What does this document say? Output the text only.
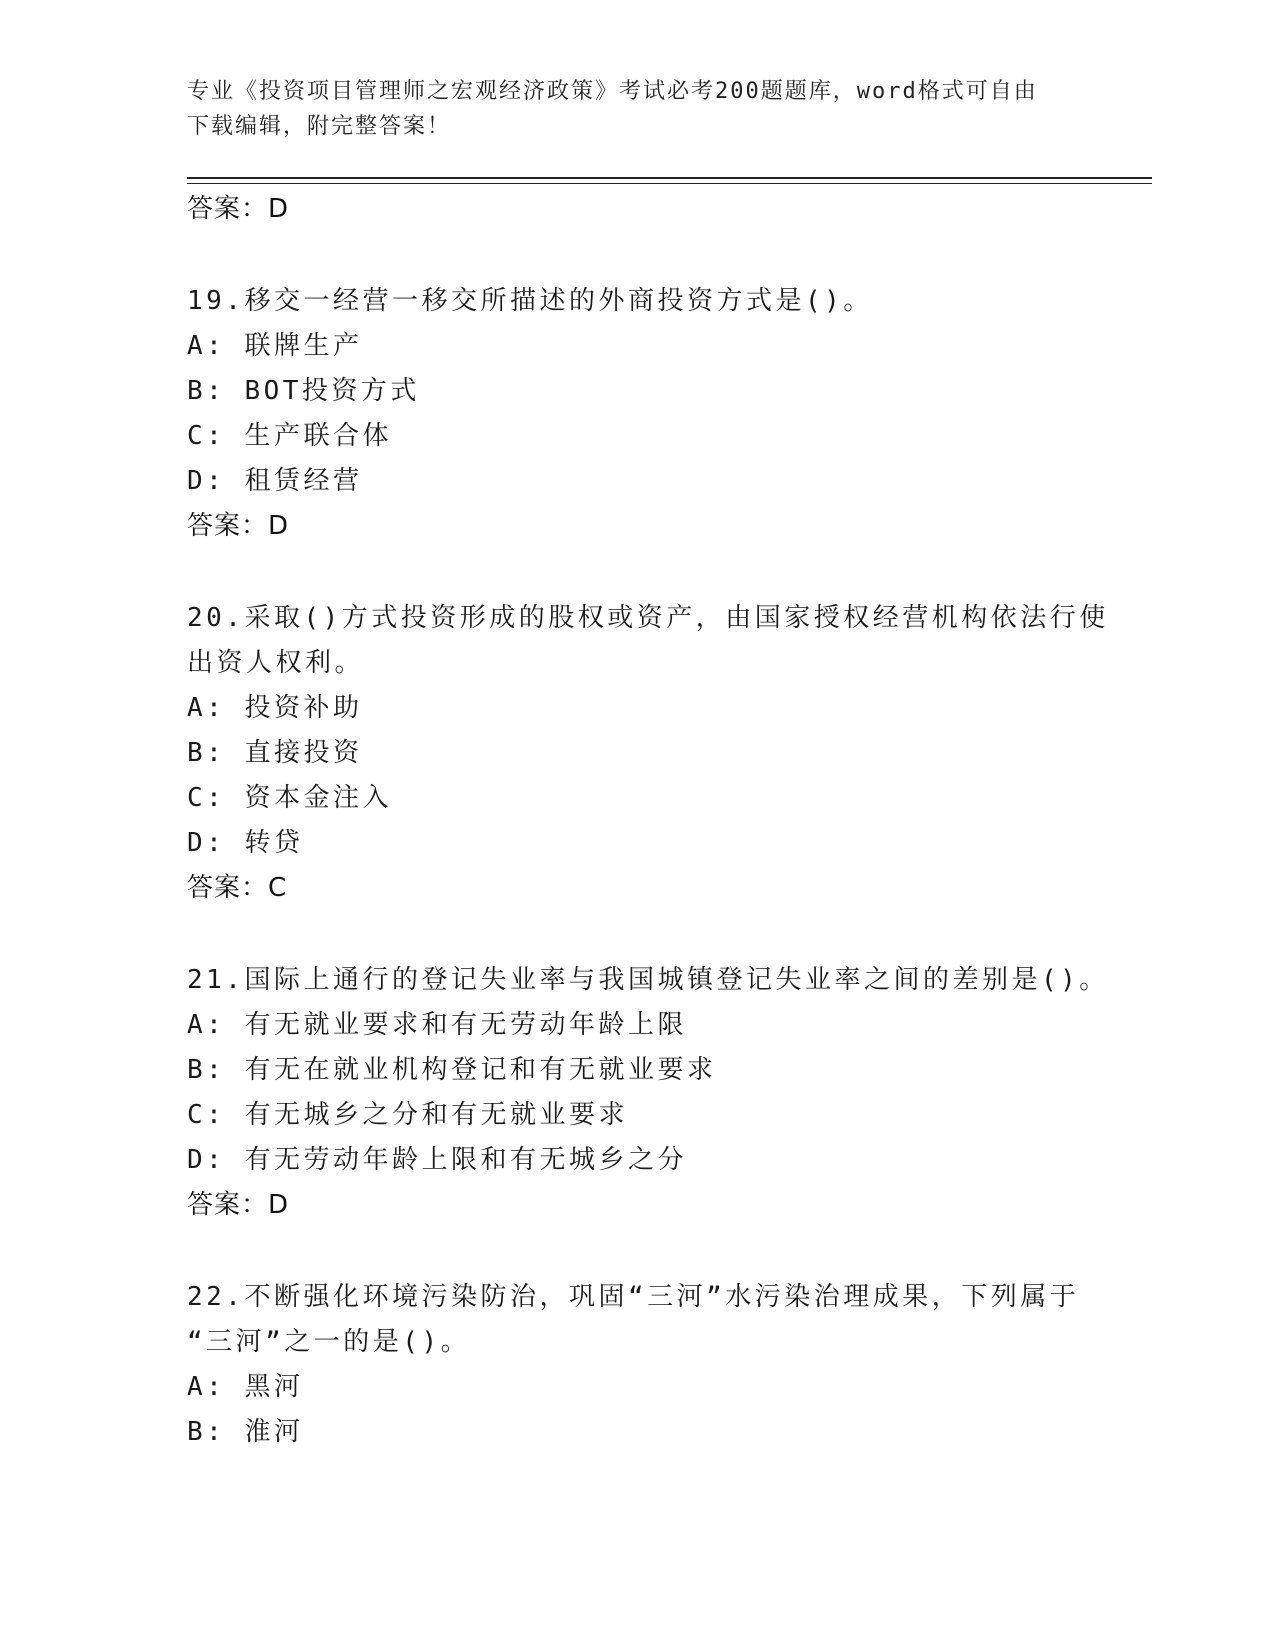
专业《投资项目管理师之宏观经济政策》考试必考200题题库，word格式可自由
下载编辑，附完整答案！
答案：D
19.移交一经营一移交所描述的外商投资方式是()。
A: 联牌生产
B: BOT投资方式
C: 生产联合体
D: 租赁经营
答案：D
20.采取()方式投资形成的股权或资产，由国家授权经营机构依法行使
出资人权利。
A: 投资补助
B: 直接投资
C: 资本金注入
D: 转贷
答案：C
21.国际上通行的登记失业率与我国城镇登记失业率之间的差别是()。
A: 有无就业要求和有无劳动年龄上限
B: 有无在就业机构登记和有无就业要求
C: 有无城乡之分和有无就业要求
D: 有无劳动年龄上限和有无城乡之分
答案：D
22.不断强化环境污染防治，巩固“三河”水污染治理成果，下列属于
“三河”之一的是()。
A: 黑河
B: 淮河
